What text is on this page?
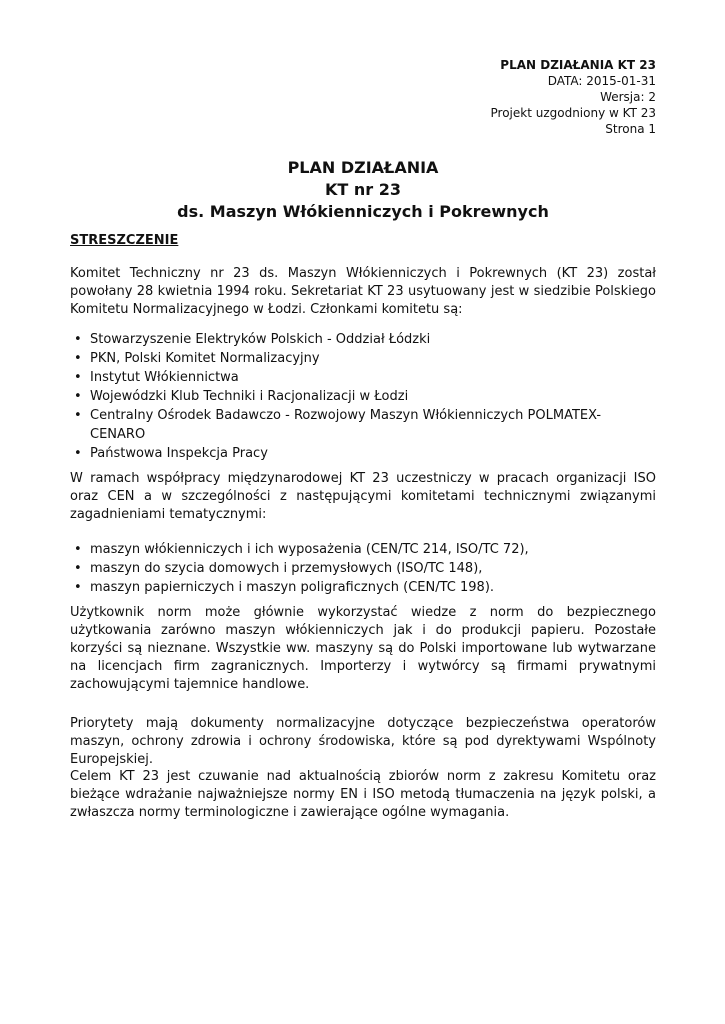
PLAN DZIAŁANIA KT 23
DATA: 2015-01-31
Wersja: 2
Projekt uzgodniony w KT 23
Strona 1
PLAN DZIAŁANIA
KT nr 23
ds. Maszyn Włókienniczych i Pokrewnych
STRESZCZENIE

Komitet Techniczny nr 23 ds. Maszyn Włókienniczych i Pokrewnych (KT 23) został powołany 28 kwietnia 1994 roku. Sekretariat KT 23 usytuowany jest w siedzibie Polskiego Komitetu Normalizacyjnego w Łodzi. Członkami komitetu są:

• Stowarzyszenie Elektryków Polskich - Oddział Łódzki
• PKN, Polski Komitet Normalizacyjny
• Instytut Włókiennictwa
• Wojewódzki Klub Techniki i Racjonalizacji w Łodzi
• Centralny Ośrodek Badawczo - Rozwojowy Maszyn Włókienniczych POLMATEX-CENARO
• Państwowa Inspekcja Pracy

W ramach współpracy międzynarodowej KT 23 uczestniczy w pracach organizacji ISO oraz CEN a w szczególności z następującymi komitetami technicznymi związanymi zagadnieniami tematycznymi:

• maszyn włókienniczych i ich wyposażenia (CEN/TC 214, ISO/TC 72),
• maszyn do szycia domowych i przemysłowych (ISO/TC 148),
• maszyn papierniczych i maszyn poligraficznych (CEN/TC 198).

Użytkownik norm może głównie wykorzystać wiedze z norm do bezpiecznego użytkowania zarówno maszyn włókienniczych jak i do produkcji papieru. Pozostałe korzyści są nieznane. Wszystkie ww. maszyny są do Polski importowane lub wytwarzane na licencjach firm zagranicznych. Importerzy i wytwórcy są firmami prywatnymi zachowującymi tajemnice handlowe.

Priorytety mają dokumenty normalizacyjne dotyczące bezpieczeństwa operatorów maszyn, ochrony zdrowia i ochrony środowiska, które są pod dyrektywami Wspólnoty Europejskiej.

Celem KT 23 jest czuwanie nad aktualnością zbiorów norm z zakresu Komitetu oraz bieżące wdrażanie najważniejsze normy EN i ISO metodą tłumaczenia na język polski, a zwłaszcza normy terminologiczne i zawierające ogólne wymagania.
